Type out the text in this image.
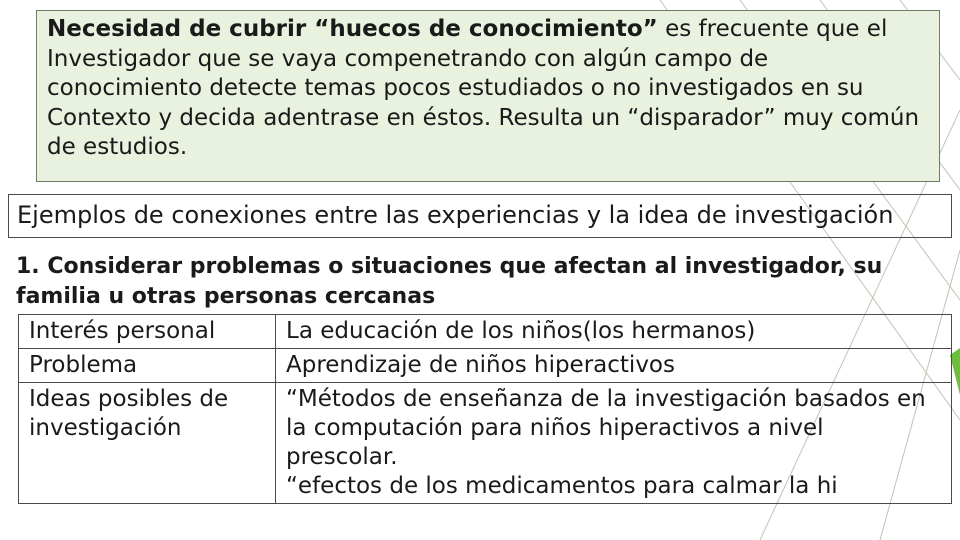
Necesidad de cubrir “huecos de conocimiento” es frecuente que el Investigador que se vaya compenetrando con algún campo de conocimiento detecte temas pocos estudiados o no investigados en su Contexto y decida adentrase en éstos. Resulta un “disparador” muy común de estudios.
Ejemplos de conexiones entre las experiencias y la idea de investigación
1. Considerar problemas o situaciones que afectan al investigador, su familia u otras personas cercanas
Interés personal	La educación de los niños(los hermanos)

Problema	Aprendizaje de niños hiperactivos

Ideas posibles de investigación	“Métodos de enseñanza de la investigación basados en la computación para niños hiperactivos a nivel prescolar.
“efectos de los medicamentos para calmar la hi
